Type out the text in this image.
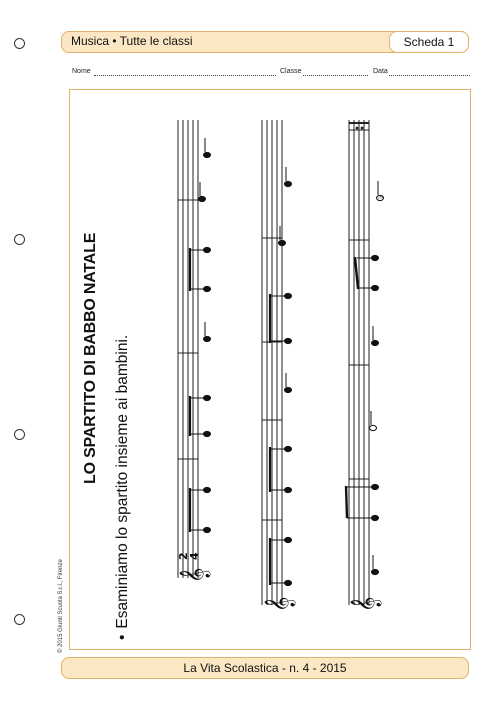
Musica • Tutte le classi	Scheda 1
Nome	Classe	Data
LO SPARTITO DI BABBO NATALE
•Esaminiamo lo spartito insieme ai bambini.
© 2015 Giunti Scuola S.r.l., Firenze
𝄐
𝄞
𝄞 𝄞
2
4
La Vita Scolastica - n. 4 - 2015
